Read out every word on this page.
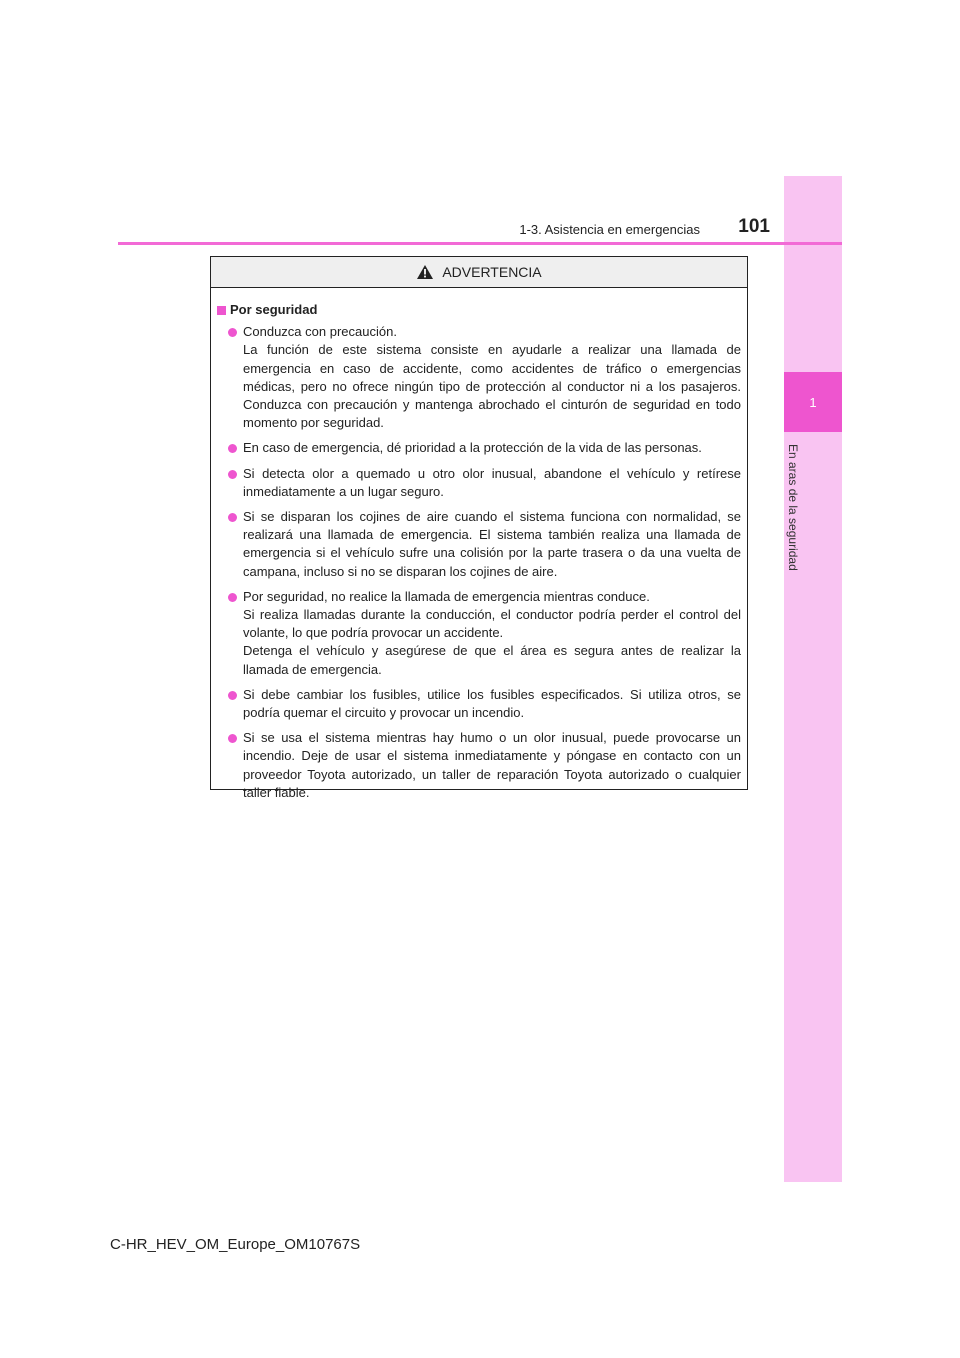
1
En aras de la seguridad
1-3. Asistencia en emergencias	101
ADVERTENCIA
Por seguridad
Conduzca con precaución.
La función de este sistema consiste en ayudarle a realizar una llamada de emergencia en caso de accidente, como accidentes de tráfico o emergencias médicas, pero no ofrece ningún tipo de protección al conductor ni a los pasajeros. Conduzca con precaución y mantenga abrochado el cinturón de seguridad en todo momento por seguridad.
En caso de emergencia, dé prioridad a la protección de la vida de las personas.
Si detecta olor a quemado u otro olor inusual, abandone el vehículo y retírese inmediatamente a un lugar seguro.
Si se disparan los cojines de aire cuando el sistema funciona con normalidad, se realizará una llamada de emergencia. El sistema también realiza una llamada de emergencia si el vehículo sufre una colisión por la parte trasera o da una vuelta de campana, incluso si no se disparan los cojines de aire.
Por seguridad, no realice la llamada de emergencia mientras conduce.
Si realiza llamadas durante la conducción, el conductor podría perder el control del volante, lo que podría provocar un accidente.
Detenga el vehículo y asegúrese de que el área es segura antes de realizar la llamada de emergencia.
Si debe cambiar los fusibles, utilice los fusibles especificados. Si utiliza otros, se podría quemar el circuito y provocar un incendio.
Si se usa el sistema mientras hay humo o un olor inusual, puede provocarse un incendio. Deje de usar el sistema inmediatamente y póngase en contacto con un proveedor Toyota autorizado, un taller de reparación Toyota autorizado o cualquier taller fiable.
C-HR_HEV_OM_Europe_OM10767S
